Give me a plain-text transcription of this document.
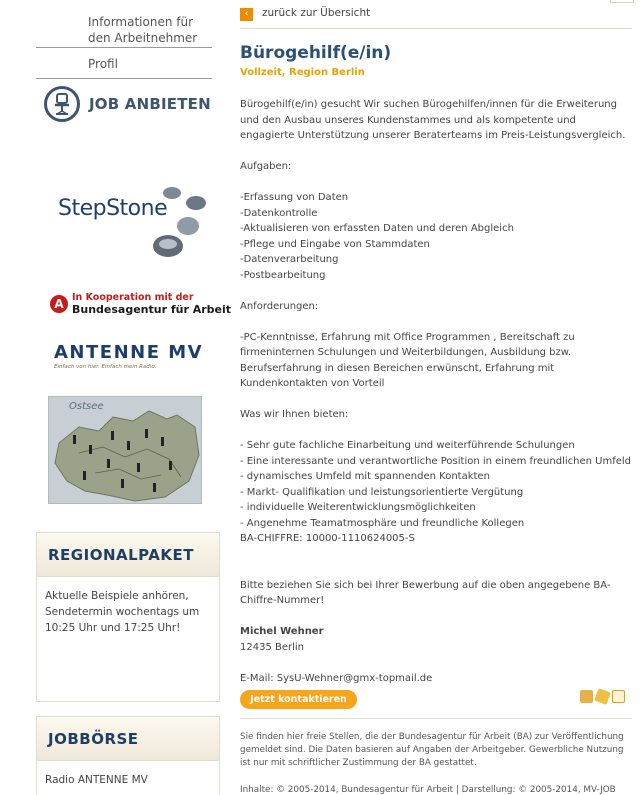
Informationen für den Arbeitnehmer
Profil
JOB ANBIETEN
StepStone
A In Kooperation mit der
Bundesagentur für Arbeit
ANTENNE MV
Einfach von hier. Einfach mein Radio.
Ostsee
REGIONALPAKET
Aktuelle Beispiele anhören, Sendetermin wochentags um 10:25 Uhr und 17:25 Uhr!
JOBBÖRSE
Radio ANTENNE MV
‹	zurück zur Übersicht
Bürogehilf(e/in)
Vollzeit, Region Berlin

Bürogehilf(e/in) gesucht Wir suchen Bürogehilfen/innen für die Erweiterung und den Ausbau unseres Kundenstammes und als kompetente und engagierte Unterstützung unserer Beraterteams im Preis-Leistungsvergleich.

Aufgaben:

-Erfassung von Daten

-Datenkontrolle

-Aktualisieren von erfassten Daten und deren Abgleich

-Pflege und Eingabe von Stammdaten

-Datenverarbeitung

-Postbearbeitung

Anforderungen:

-PC-Kenntnisse, Erfahrung mit Office Programmen , Bereitschaft zu firmeninternen Schulungen und Weiterbildungen, Ausbildung bzw. Berufserfahrung in diesen Bereichen erwünscht, Erfahrung mit Kundenkontakten von Vorteil

Was wir Ihnen bieten:

- Sehr gute fachliche Einarbeitung und weiterführende Schulungen

- Eine interessante und verantwortliche Position in einem freundlichen Umfeld

- dynamisches Umfeld mit spannenden Kontakten

- Markt- Qualifikation und leistungsorientierte Vergütung

- individuelle Weiterentwicklungsmöglichkeiten

- Angenehme Teamatmosphäre und freundliche Kollegen

BA-CHIFFRE: 10000-1110624005-S

Bitte beziehen Sie sich bei Ihrer Bewerbung auf die oben angegebene BA-Chiffre-Nummer!

Michel Wehner

12435 Berlin

E-Mail: SysU-Wehner@gmx-topmail.de

Jetzt kontaktieren
Sie finden hier freie Stellen, die der Bundesagentur für Arbeit (BA) zur Veröffentlichung gemeldet sind. Die Daten basieren auf Angaben der Arbeitgeber. Gewerbliche Nutzung ist nur mit schriftlicher Zustimmung der BA gestattet.
Inhalte: © 2005-2014, Bundesagentur für Arbeit | Darstellung: © 2005-2014, MV-JOB
